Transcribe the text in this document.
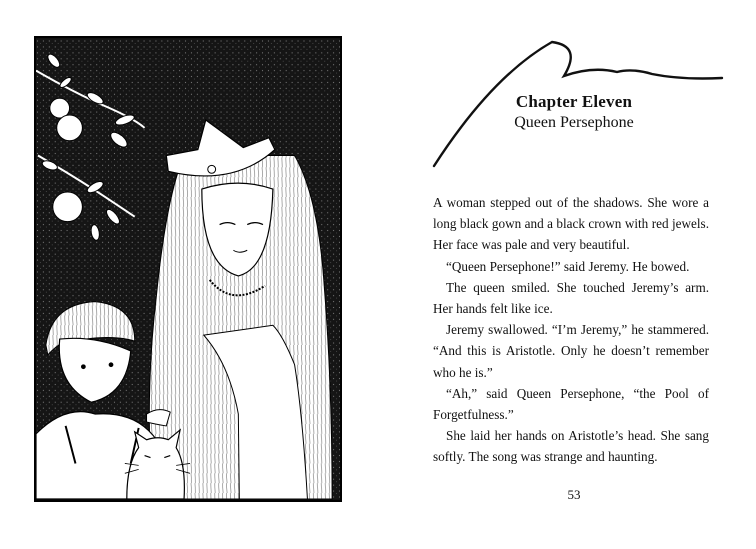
Chapter Eleven
Queen Persephone

A woman stepped out of the shadows. She wore a long black gown and a black crown with red jewels. Her face was pale and very beautiful.

“Queen Persephone!” said Jeremy. He bowed.

The queen smiled. She touched Jeremy’s arm. Her hands felt like ice.

Jeremy swallowed. “I’m Jeremy,” he stammered. “And this is Aristotle. Only he doesn’t remember who he is.”

“Ah,” said Queen Persephone, “the Pool of Forgetfulness.”

She laid her hands on Aristotle’s head. She sang softly. The song was strange and haunting.

53
